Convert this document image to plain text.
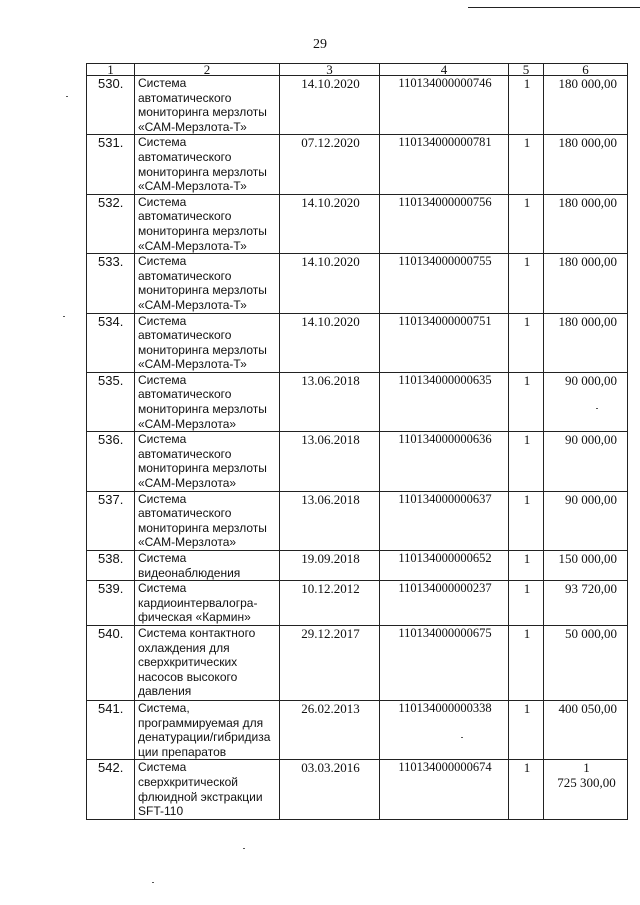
29
1	2	3	4	5	6
530.	Система
автоматического
мониторинга мерзлоты
«САМ-Мерзлота-Т»	14.10.2020	110134000000746	1	180 000,00
531.	Система
автоматического
мониторинга мерзлоты
«САМ-Мерзлота-Т»	07.12.2020	110134000000781	1	180 000,00
532.	Система
автоматического
мониторинга мерзлоты
«САМ-Мерзлота-Т»	14.10.2020	110134000000756	1	180 000,00
533.	Система
автоматического
мониторинга мерзлоты
«САМ-Мерзлота-Т»	14.10.2020	110134000000755	1	180 000,00
534.	Система
автоматического
мониторинга мерзлоты
«САМ-Мерзлота-Т»	14.10.2020	110134000000751	1	180 000,00
535.	Система
автоматического
мониторинга мерзлоты
«САМ-Мерзлота»	13.06.2018	110134000000635	1	90 000,00
536.	Система
автоматического
мониторинга мерзлоты
«САМ-Мерзлота»	13.06.2018	110134000000636	1	90 000,00
537.	Система
автоматического
мониторинга мерзлоты
«САМ-Мерзлота»	13.06.2018	110134000000637	1	90 000,00
538.	Система
видеонаблюдения	19.09.2018	110134000000652	1	150 000,00
539.	Система
кардиоинтервалогра-
фическая «Кармин»	10.12.2012	110134000000237	1	93 720,00
540.	Система контактного
охлаждения для
сверхкритических
насосов высокого
давления	29.12.2017	110134000000675	1	50 000,00
541.	Система,
программируемая для
денатурации/гибридиза
ции препаратов	26.02.2013	110134000000338	1	400 050,00
542.	Система
сверхкритической
флюидной экстракции
SFT-110	03.03.2016	110134000000674	1	1
725 300,00
